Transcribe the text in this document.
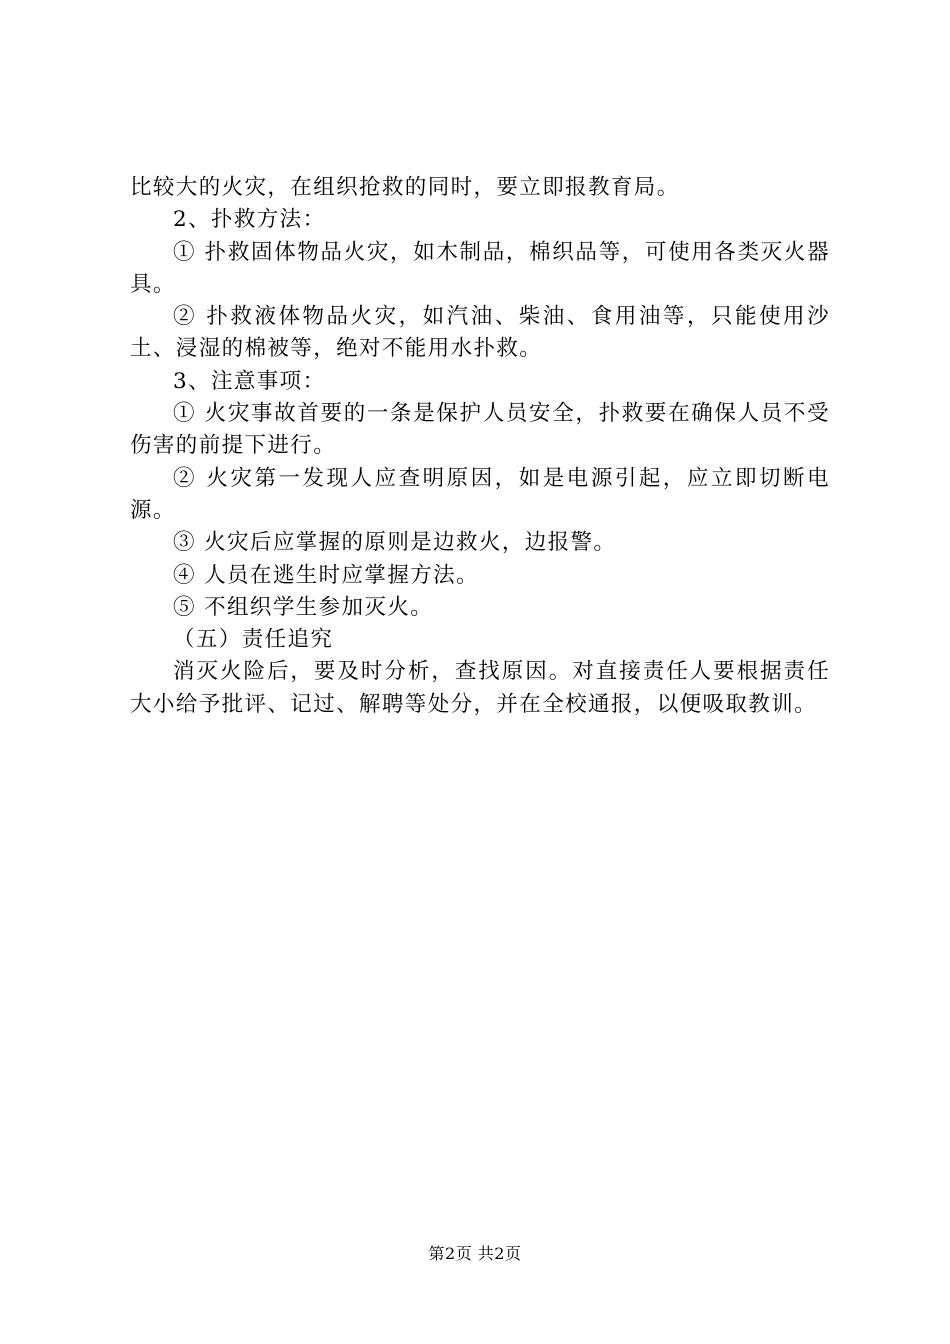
比较大的火灾，在组织抢救的同时，要立即报教育局。

2、扑救方法：

① 扑救固体物品火灾，如木制品，棉织品等，可使用各类灭火器具。

② 扑救液体物品火灾，如汽油、柴油、食用油等，只能使用沙土、浸湿的棉被等，绝对不能用水扑救。

3、注意事项：

① 火灾事故首要的一条是保护人员安全，扑救要在确保人员不受伤害的前提下进行。

② 火灾第一发现人应查明原因，如是电源引起，应立即切断电源。

③ 火灾后应掌握的原则是边救火，边报警。

④ 人员在逃生时应掌握方法。

⑤ 不组织学生参加灭火。

（五）责任追究

消灭火险后，要及时分析，查找原因。对直接责任人要根据责任大小给予批评、记过、解聘等处分，并在全校通报，以便吸取教训。

第2页 共2页
